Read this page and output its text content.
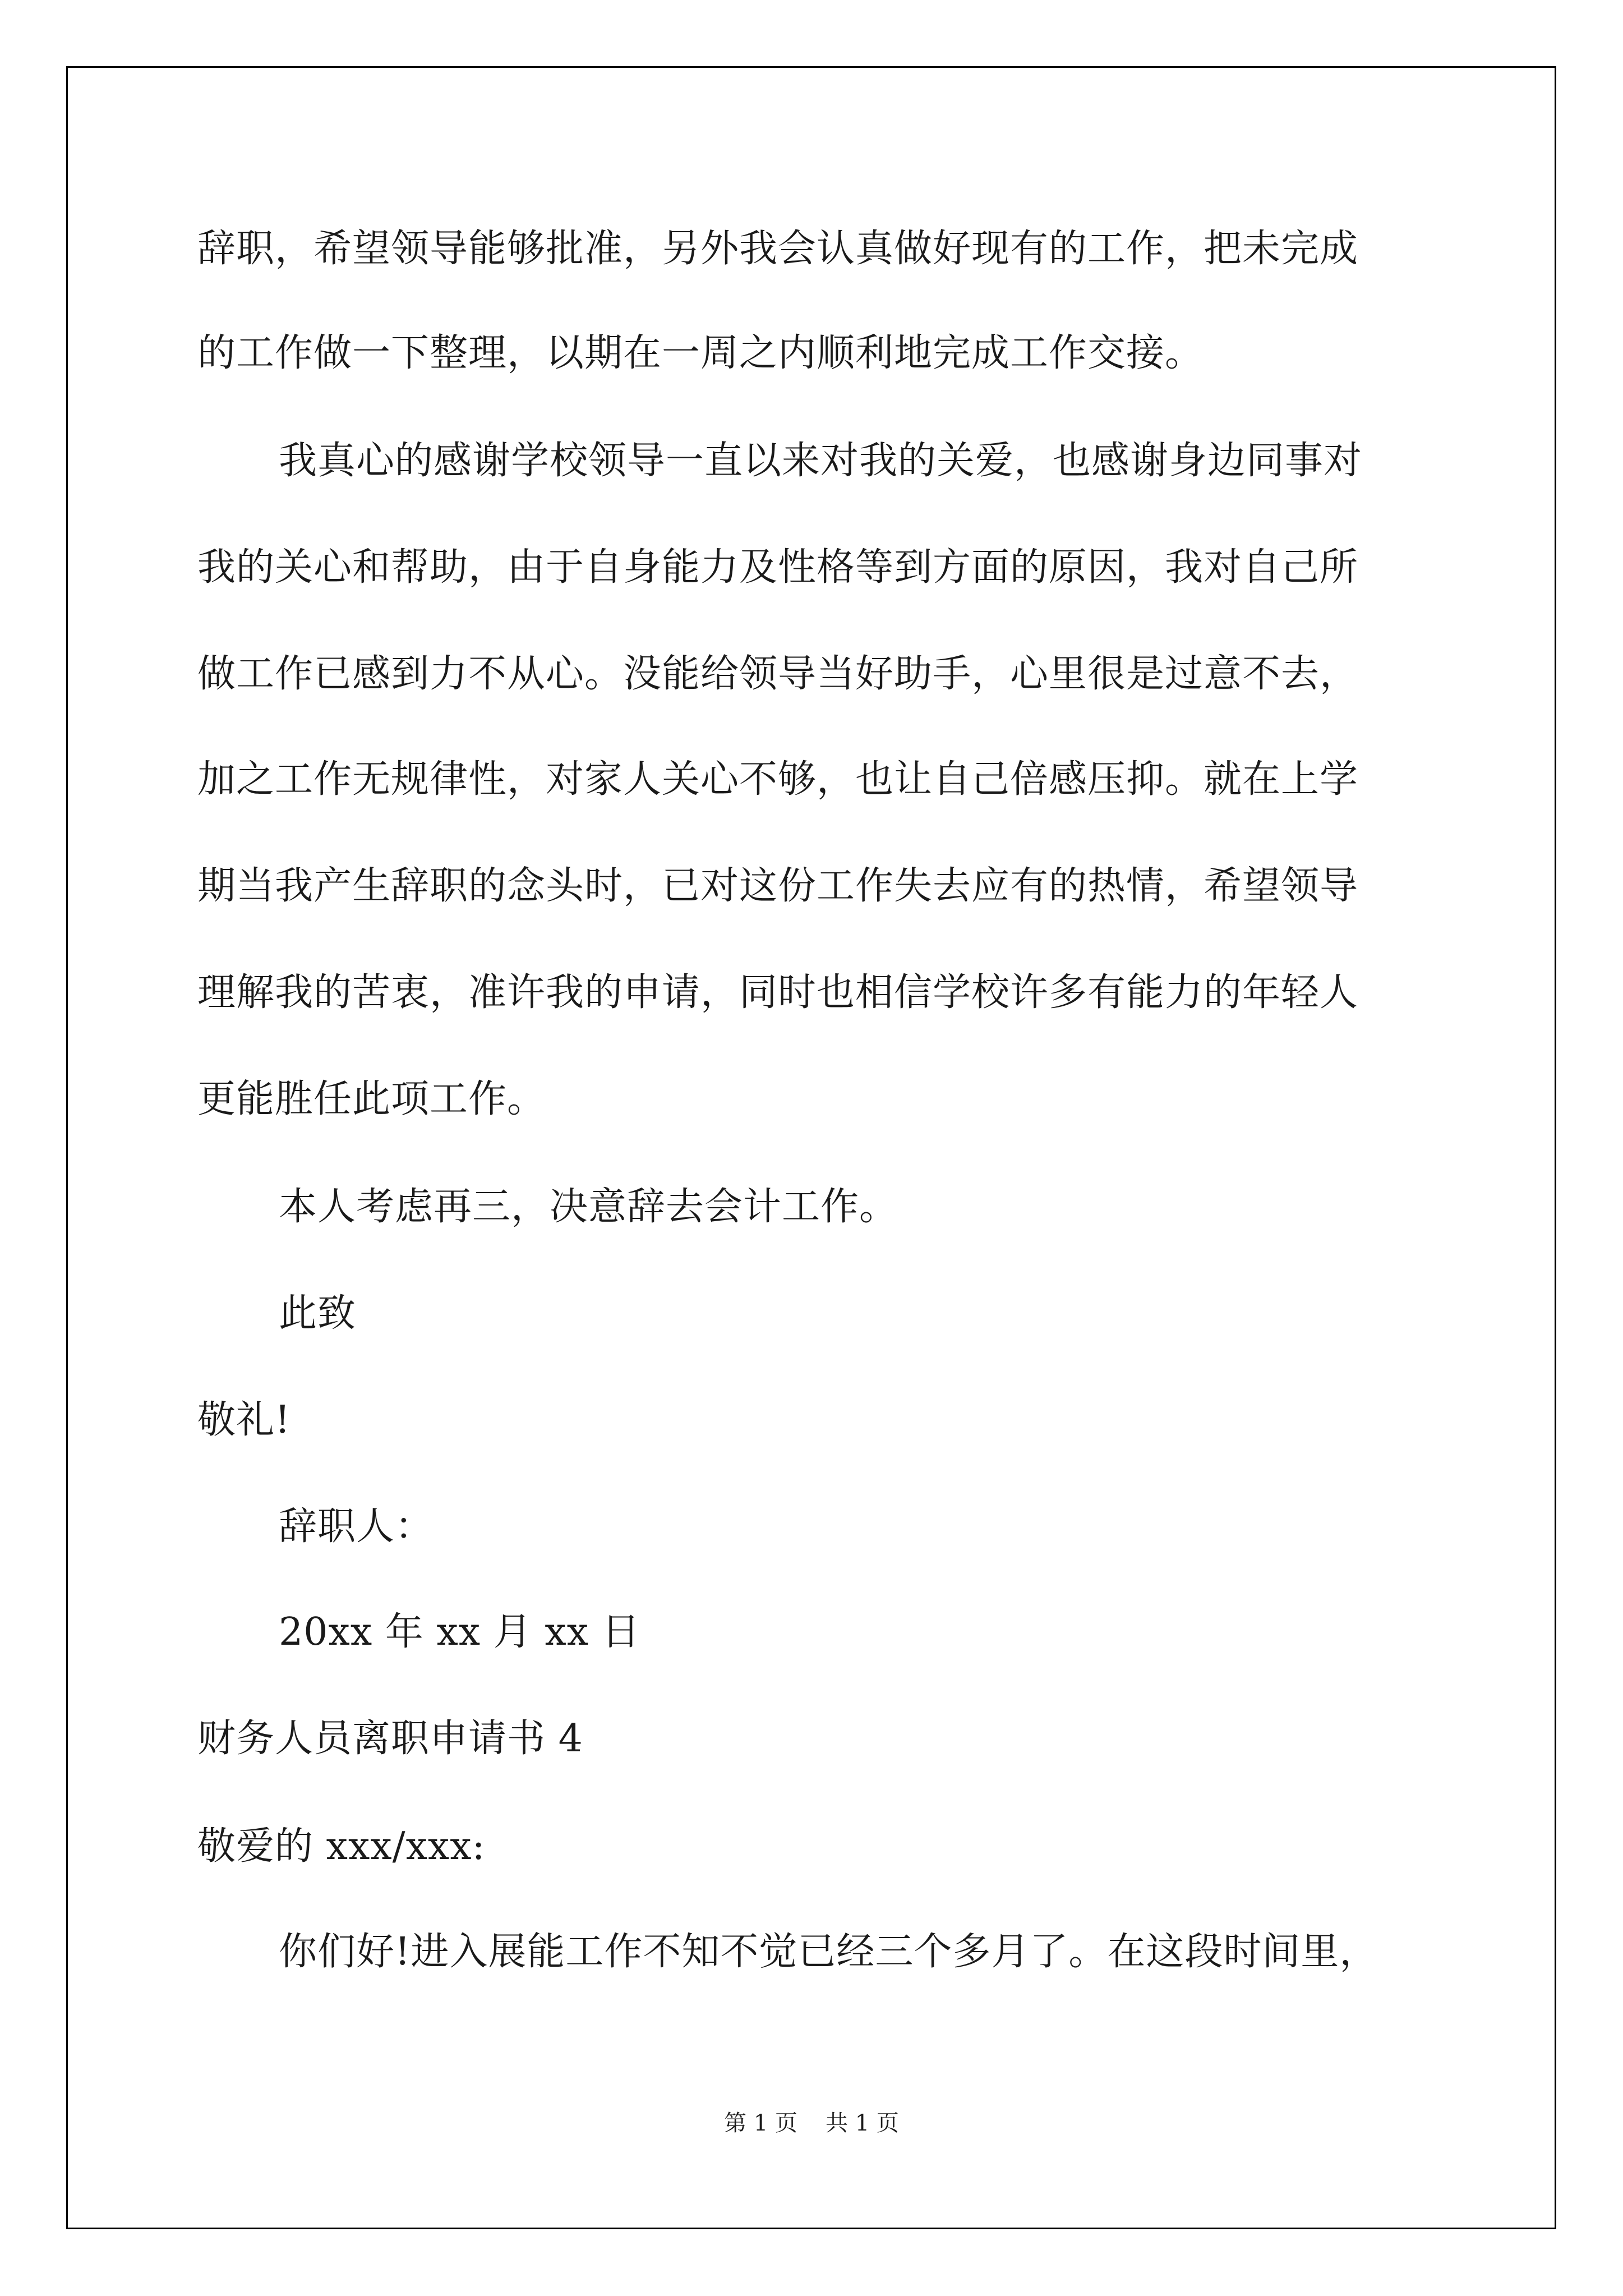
辞职，希望领导能够批准，另外我会认真做好现有的工作，把未完成
的工作做一下整理，以期在一周之内顺利地完成工作交接。
我真心的感谢学校领导一直以来对我的关爱，也感谢身边同事对
我的关心和帮助，由于自身能力及性格等到方面的原因，我对自己所
做工作已感到力不从心。没能给领导当好助手，心里很是过意不去，
加之工作无规律性，对家人关心不够，也让自己倍感压抑。就在上学
期当我产生辞职的念头时，已对这份工作失去应有的热情，希望领导
理解我的苦衷，准许我的申请，同时也相信学校许多有能力的年轻人
更能胜任此项工作。
本人考虑再三，决意辞去会计工作。
此致
敬礼!
辞职人：
20xx 年 xx 月 xx 日
财务人员离职申请书 4
敬爱的 xxx/xxx:
你们好!进入展能工作不知不觉已经三个多月了。在这段时间里，
第 1 页 共 1 页
